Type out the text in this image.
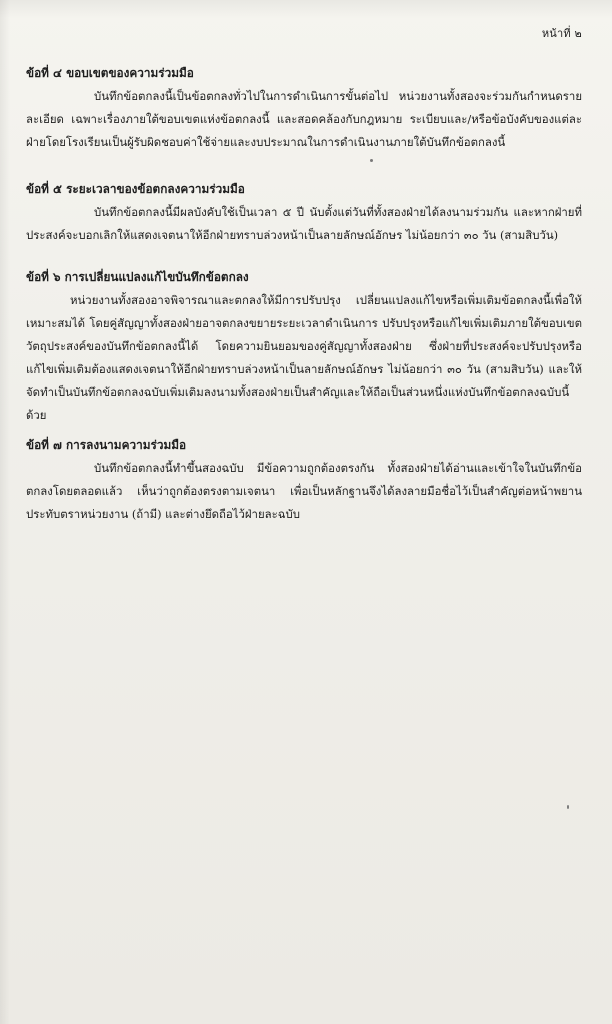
หน้าที่ ๒
ข้อที่ ๔ ขอบเขตของความร่วมมือ

บันทึกข้อตกลงนี้เป็นข้อตกลงทั่วไปในการดำเนินการขั้นต่อไป หน่วยงานทั้งสองจะร่วมกันกำหนดรายละเอียด เฉพาะเรื่องภายใต้ขอบเขตแห่งข้อตกลงนี้ และสอดคล้องกับกฎหมาย ระเบียบและ/หรือข้อบังคับของแต่ละฝ่ายโดยโรงเรียนเป็นผู้รับผิดชอบค่าใช้จ่ายและงบประมาณในการดำเนินงานภายใต้บันทึกข้อตกลงนี้

ข้อที่ ๕ ระยะเวลาของข้อตกลงความร่วมมือ

บันทึกข้อตกลงนี้มีผลบังคับใช้เป็นเวลา ๕ ปี นับตั้งแต่วันที่ทั้งสองฝ่ายได้ลงนามร่วมกัน และหากฝ่ายที่ประสงค์จะบอกเลิกให้แสดงเจตนาให้อีกฝ่ายทราบล่วงหน้าเป็นลายลักษณ์อักษร ไม่น้อยกว่า ๓๐ วัน (สามสิบวัน)

ข้อที่ ๖ การเปลี่ยนแปลงแก้ไขบันทึกข้อตกลง

หน่วยงานทั้งสองอาจพิจารณาและตกลงให้มีการปรับปรุง เปลี่ยนแปลงแก้ไขหรือเพิ่มเติมข้อตกลงนี้เพื่อให้เหมาะสมได้ โดยคู่สัญญาทั้งสองฝ่ายอาจตกลงขยายระยะเวลาดำเนินการ ปรับปรุงหรือแก้ไขเพิ่มเติมภายใต้ขอบเขตวัตถุประสงค์ของบันทึกข้อตกลงนี้ได้ โดยความยินยอมของคู่สัญญาทั้งสองฝ่าย ซึ่งฝ่ายที่ประสงค์จะปรับปรุงหรือแก้ไขเพิ่มเติมต้องแสดงเจตนาให้อีกฝ่ายทราบล่วงหน้าเป็นลายลักษณ์อักษร ไม่น้อยกว่า ๓๐ วัน (สามสิบวัน) และให้จัดทำเป็นบันทึกข้อตกลงฉบับเพิ่มเติมลงนามทั้งสองฝ่ายเป็นสำคัญและให้ถือเป็นส่วนหนึ่งแห่งบันทึกข้อตกลงฉบับนี้ด้วย

ข้อที่ ๗ การลงนามความร่วมมือ

บันทึกข้อตกลงนี้ทำขึ้นสองฉบับ มีข้อความถูกต้องตรงกัน ทั้งสองฝ่ายได้อ่านและเข้าใจในบันทึกข้อตกลงโดยตลอดแล้ว เห็นว่าถูกต้องตรงตามเจตนา เพื่อเป็นหลักฐานจึงได้ลงลายมือชื่อไว้เป็นสำคัญต่อหน้าพยานประทับตราหน่วยงาน (ถ้ามี) และต่างยึดถือไว้ฝ่ายละฉบับ
